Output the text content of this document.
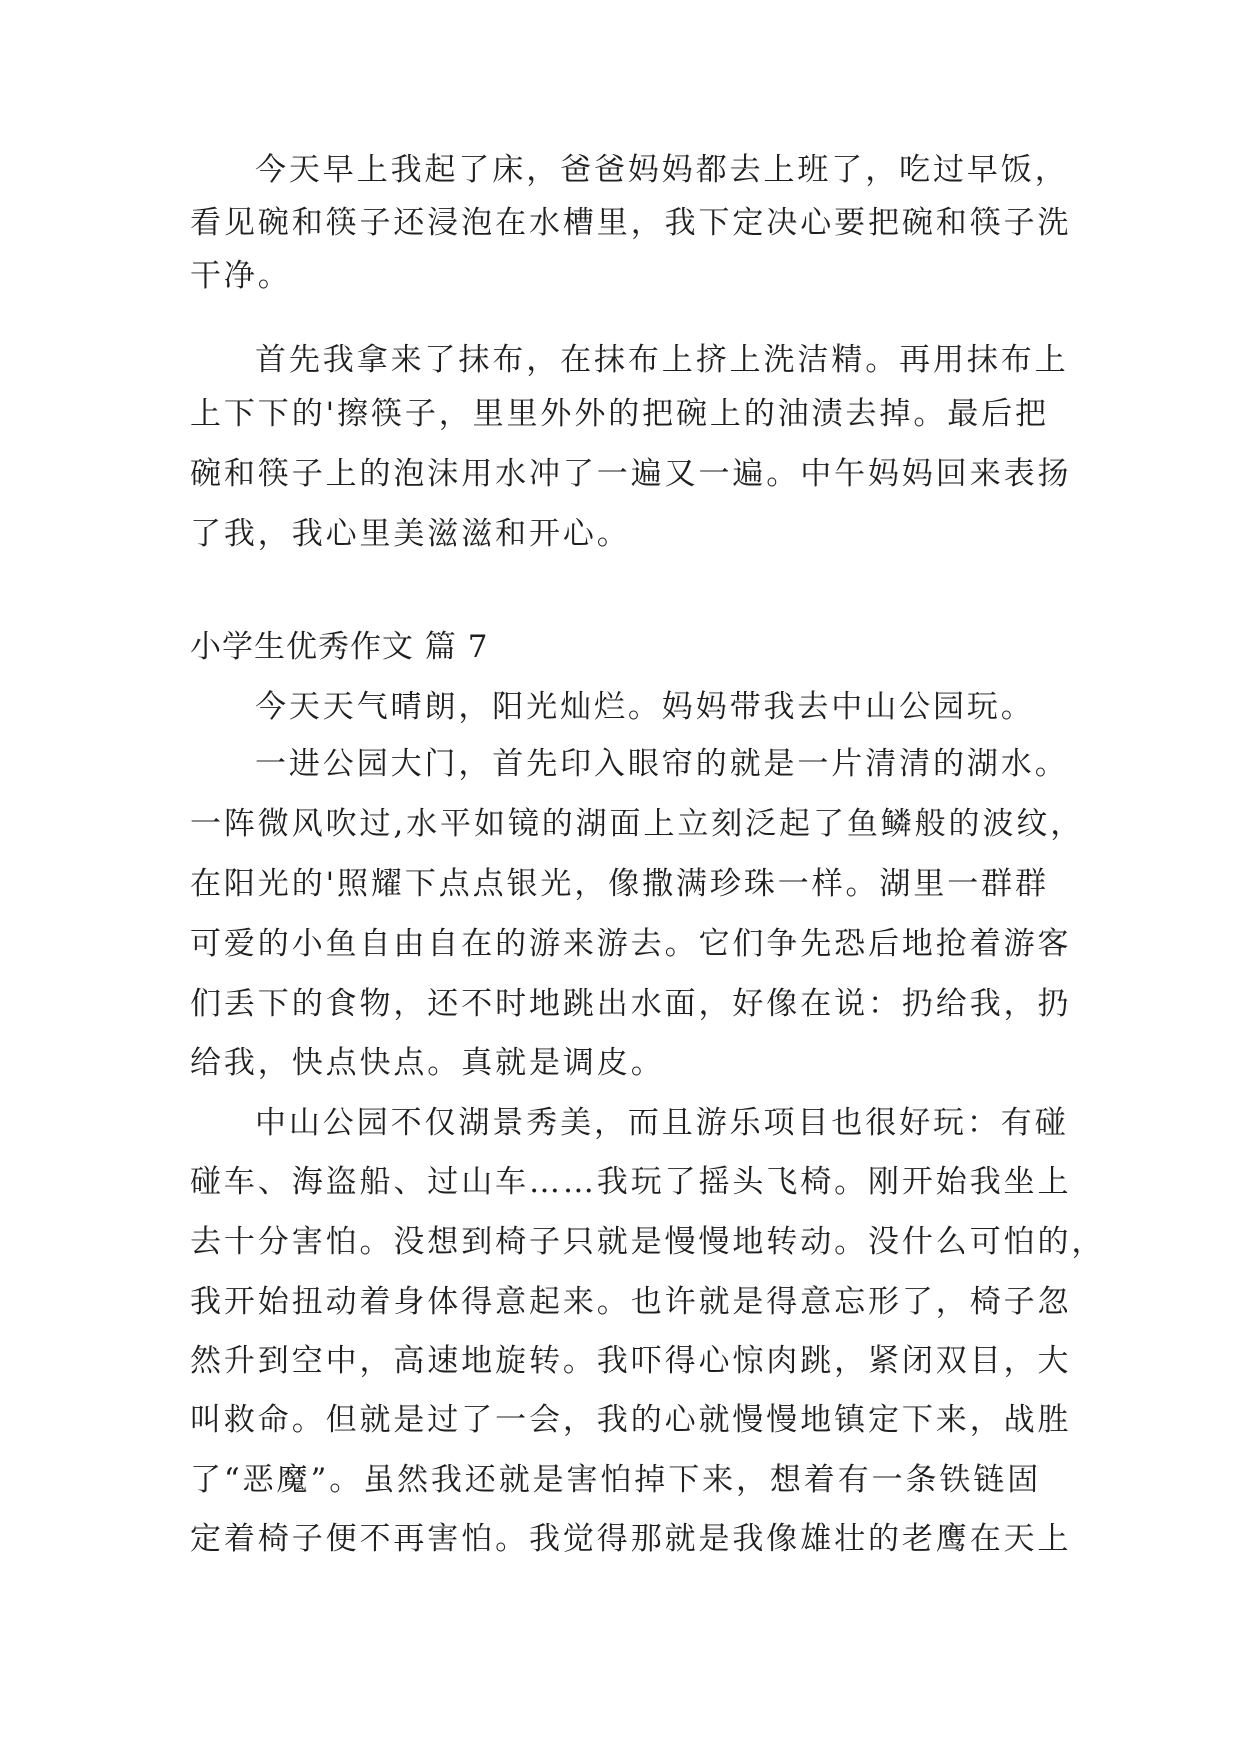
今天早上我起了床，爸爸妈妈都去上班了，吃过早饭，
看见碗和筷子还浸泡在水槽里，我下定决心要把碗和筷子洗
干净。
首先我拿来了抹布，在抹布上挤上洗洁精。再用抹布上
上下下的'擦筷子，里里外外的把碗上的油渍去掉。最后把
碗和筷子上的泡沫用水冲了一遍又一遍。中午妈妈回来表扬
了我，我心里美滋滋和开心。
小学生优秀作文 篇 7
今天天气晴朗，阳光灿烂。妈妈带我去中山公园玩。
一进公园大门，首先印入眼帘的就是一片清清的湖水。
一阵微风吹过,水平如镜的湖面上立刻泛起了鱼鳞般的波纹，
在阳光的'照耀下点点银光，像撒满珍珠一样。湖里一群群
可爱的小鱼自由自在的游来游去。它们争先恐后地抢着游客
们丢下的食物，还不时地跳出水面，好像在说：扔给我，扔
给我，快点快点。真就是调皮。
中山公园不仅湖景秀美，而且游乐项目也很好玩：有碰
碰车、海盗船、过山车……我玩了摇头飞椅。刚开始我坐上
去十分害怕。没想到椅子只就是慢慢地转动。没什么可怕的，
我开始扭动着身体得意起来。也许就是得意忘形了，椅子忽
然升到空中，高速地旋转。我吓得心惊肉跳，紧闭双目，大
叫救命。但就是过了一会，我的心就慢慢地镇定下来，战胜
了“恶魔”。虽然我还就是害怕掉下来，想着有一条铁链固
定着椅子便不再害怕。我觉得那就是我像雄壮的老鹰在天上
